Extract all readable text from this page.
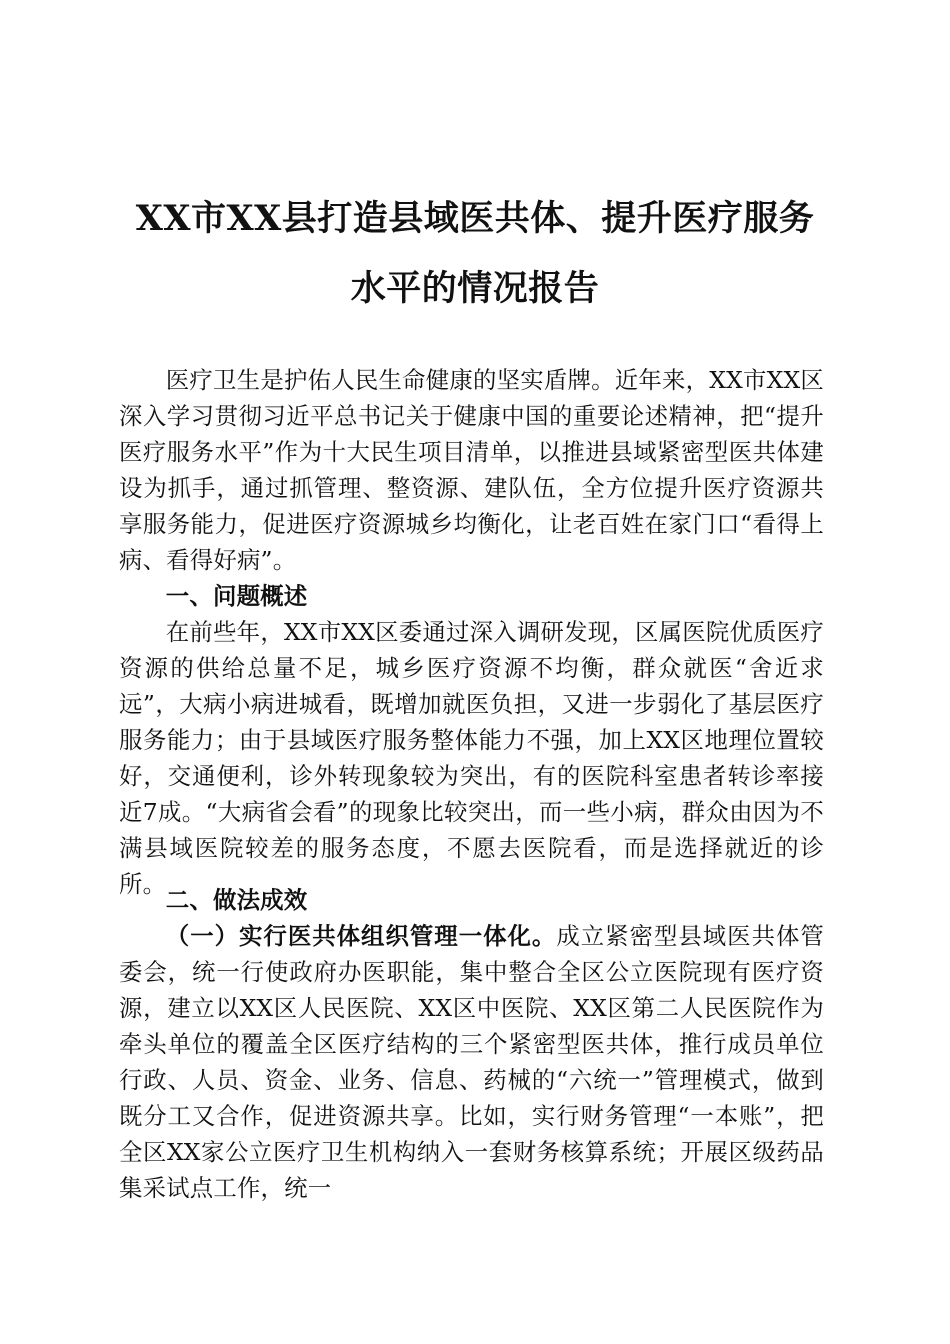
XX市XX县打造县域医共体、提升医疗服务
水平的情况报告

医疗卫生是护佑人民生命健康的坚实盾牌。近年来，XX市XX区深入学习贯彻习近平总书记关于健康中国的重要论述精神，把“提升医疗服务水平”作为十大民生项目清单，以推进县域紧密型医共体建设为抓手，通过抓管理、整资源、建队伍，全方位提升医疗资源共享服务能力，促进医疗资源城乡均衡化，让老百姓在家门口“看得上病、看得好病”。

一、问题概述

在前些年，XX市XX区委通过深入调研发现，区属医院优质医疗资源的供给总量不足，城乡医疗资源不均衡，群众就医“舍近求远”，大病小病进城看，既增加就医负担，又进一步弱化了基层医疗服务能力；由于县域医疗服务整体能力不强，加上XX区地理位置较好，交通便利，诊外转现象较为突出，有的医院科室患者转诊率接近7成。“大病省会看”的现象比较突出，而一些小病，群众由因为不满县域医院较差的服务态度，不愿去医院看，而是选择就近的诊所。

二、做法成效

（一）实行医共体组织管理一体化。成立紧密型县域医共体管委会，统一行使政府办医职能，集中整合全区公立医院现有医疗资源，建立以XX区人民医院、XX区中医院、XX区第二人民医院作为牵头单位的覆盖全区医疗结构的三个紧密型医共体，推行成员单位行政、人员、资金、业务、信息、药械的“六统一”管理模式，做到既分工又合作，促进资源共享。比如，实行财务管理“一本账”，把全区XX家公立医疗卫生机构纳入一套财务核算系统；开展区级药品集采试点工作，统一
